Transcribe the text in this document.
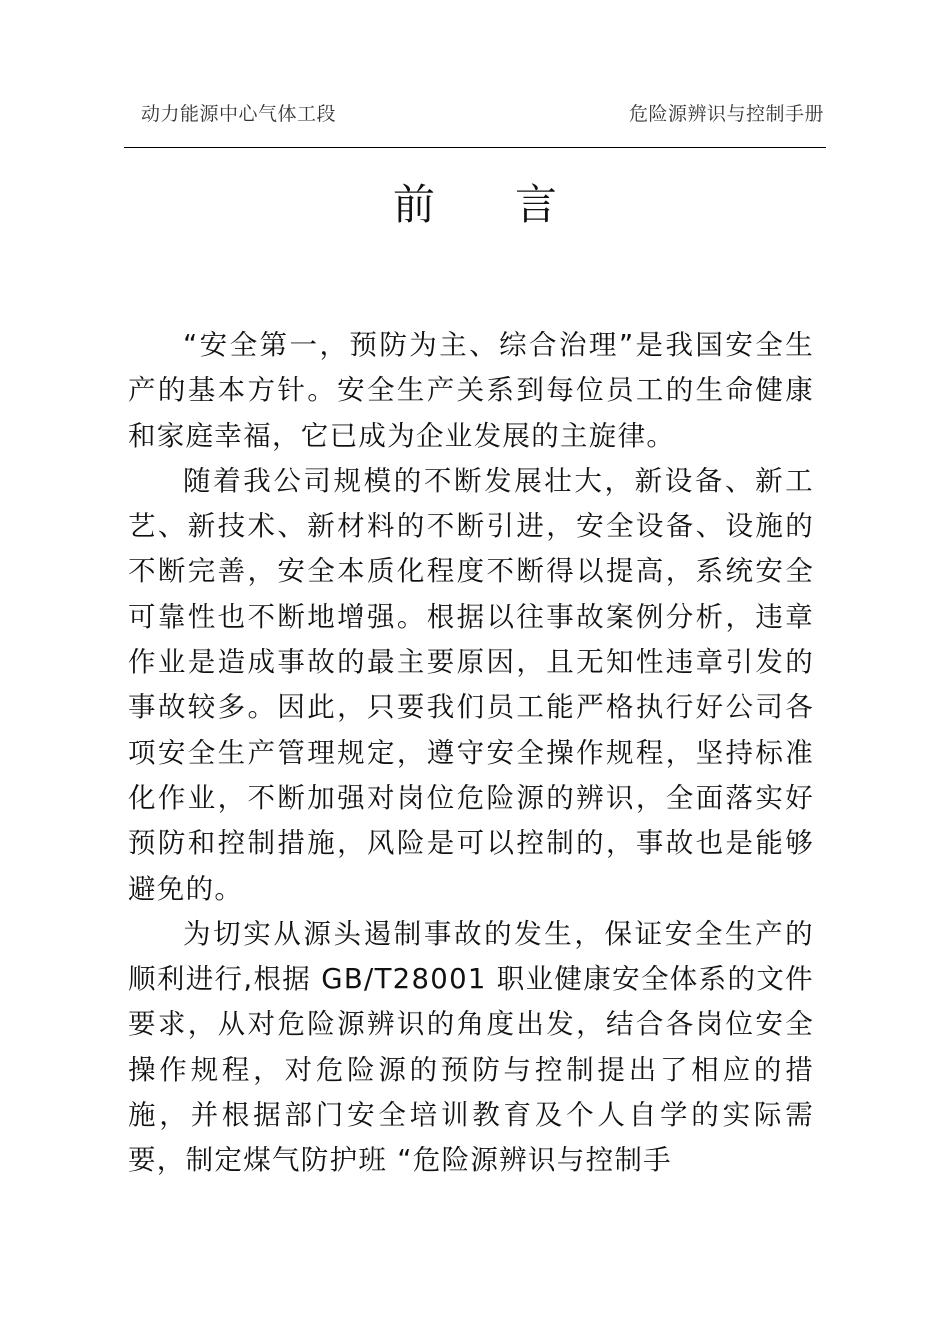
动力能源中心气体工段	危险源辨识与控制手册
前 言

“安全第一，预防为主、综合治理”是我国安全生产的基本方针。安全生产关系到每位员工的生命健康和家庭幸福，它已成为企业发展的主旋律。

随着我公司规模的不断发展壮大，新设备、新工艺、新技术、新材料的不断引进，安全设备、设施的不断完善，安全本质化程度不断得以提高，系统安全可靠性也不断地增强。根据以往事故案例分析，违章作业是造成事故的最主要原因，且无知性违章引发的事故较多。因此，只要我们员工能严格执行好公司各项安全生产管理规定，遵守安全操作规程，坚持标准化作业，不断加强对岗位危险源的辨识，全面落实好预防和控制措施，风险是可以控制的，事故也是能够避免的。

为切实从源头遏制事故的发生，保证安全生产的顺利进行,根据 GB/T28001 职业健康安全体系的文件要求，从对危险源辨识的角度出发，结合各岗位安全操作规程，对危险源的预防与控制提出了相应的措施，并根据部门安全培训教育及个人自学的实际需要，制定煤气防护班 “危险源辨识与控制手
